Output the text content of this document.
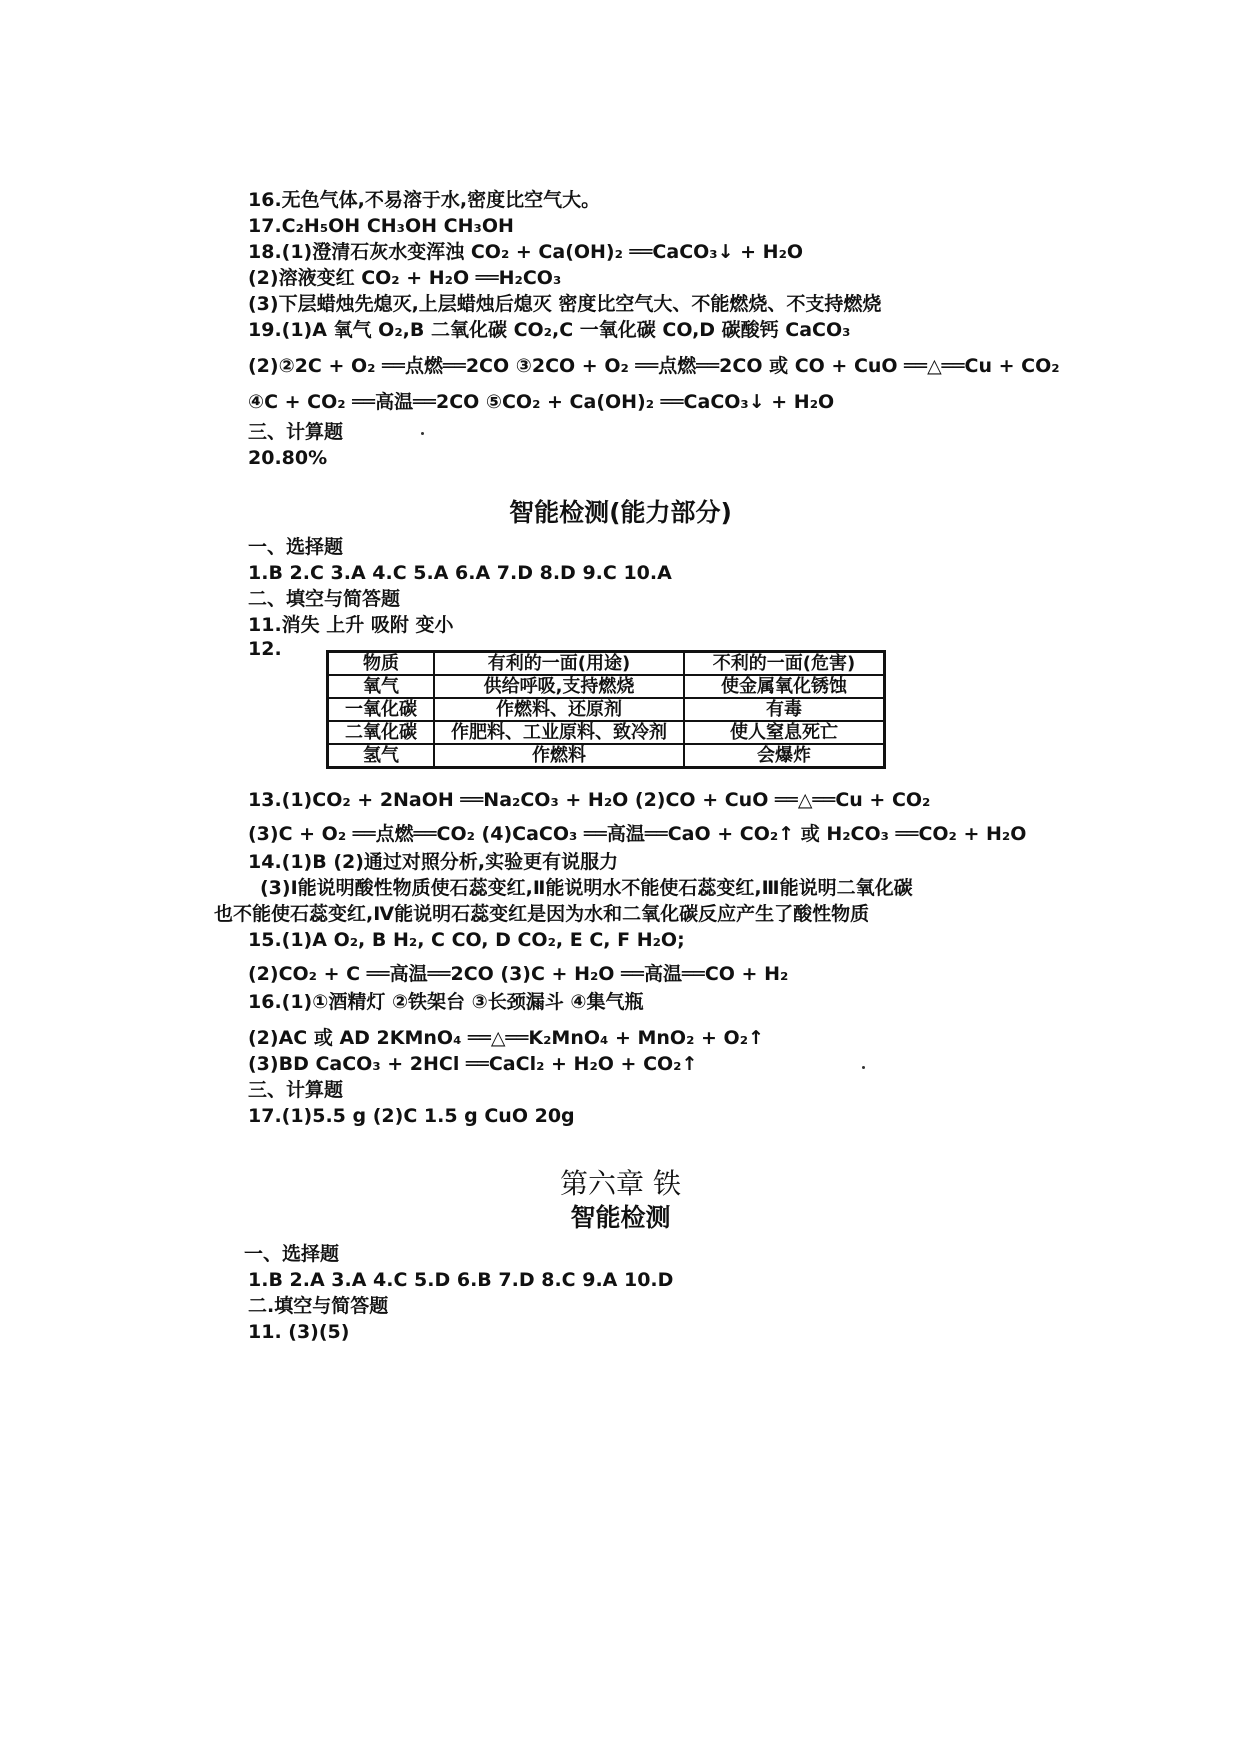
16.无色气体,不易溶于水,密度比空气大。
17.C₂H₅OH CH₃OH CH₃OH
18.(1)澄清石灰水变浑浊 CO₂ + Ca(OH)₂ ══CaCO₃↓ + H₂O
(2)溶液变红 CO₂ + H₂O ══H₂CO₃
(3)下层蜡烛先熄灭,上层蜡烛后熄灭 密度比空气大、不能燃烧、不支持燃烧
19.(1)A 氧气 O₂,B 二氧化碳 CO₂,C 一氧化碳 CO,D 碳酸钙 CaCO₃
(2)②2C + O₂ ══点燃══2CO ③2CO + O₂ ══点燃══2CO 或 CO + CuO ══△══Cu + CO₂
④C + CO₂ ══高温══2CO ⑤CO₂ + Ca(OH)₂ ══CaCO₃↓ + H₂O
三、计算题
20.80%
智能检测(能力部分)
一、选择题
1.B 2.C 3.A 4.C 5.A 6.A 7.D 8.D 9.C 10.A
二、填空与简答题
11.消失 上升 吸附 变小
12.
物质	有利的一面(用途)	不利的一面(危害)
氧气	供给呼吸,支持燃烧	使金属氧化锈蚀
一氧化碳	作燃料、还原剂	有毒
二氧化碳	作肥料、工业原料、致冷剂	使人窒息死亡
氢气	作燃料	会爆炸
13.(1)CO₂ + 2NaOH ══Na₂CO₃ + H₂O (2)CO + CuO ══△══Cu + CO₂
(3)C + O₂ ══点燃══CO₂ (4)CaCO₃ ══高温══CaO + CO₂↑ 或 H₂CO₃ ══CO₂ + H₂O
14.(1)B (2)通过对照分析,实验更有说服力
(3)Ⅰ能说明酸性物质使石蕊变红,Ⅱ能说明水不能使石蕊变红,Ⅲ能说明二氧化碳
也不能使石蕊变红,Ⅳ能说明石蕊变红是因为水和二氧化碳反应产生了酸性物质
15.(1)A O₂, B H₂, C CO, D CO₂, E C, F H₂O;
(2)CO₂ + C ══高温══2CO (3)C + H₂O ══高温══CO + H₂
16.(1)①酒精灯 ②铁架台 ③长颈漏斗 ④集气瓶
(2)AC 或 AD 2KMnO₄ ══△══K₂MnO₄ + MnO₂ + O₂↑
(3)BD CaCO₃ + 2HCl ══CaCl₂ + H₂O + CO₂↑
三、计算题
17.(1)5.5 g (2)C 1.5 g CuO 20g
第六章 铁
智能检测
一、选择题
1.B 2.A 3.A 4.C 5.D 6.B 7.D 8.C 9.A 10.D
二.填空与简答题
11. (3)(5)
